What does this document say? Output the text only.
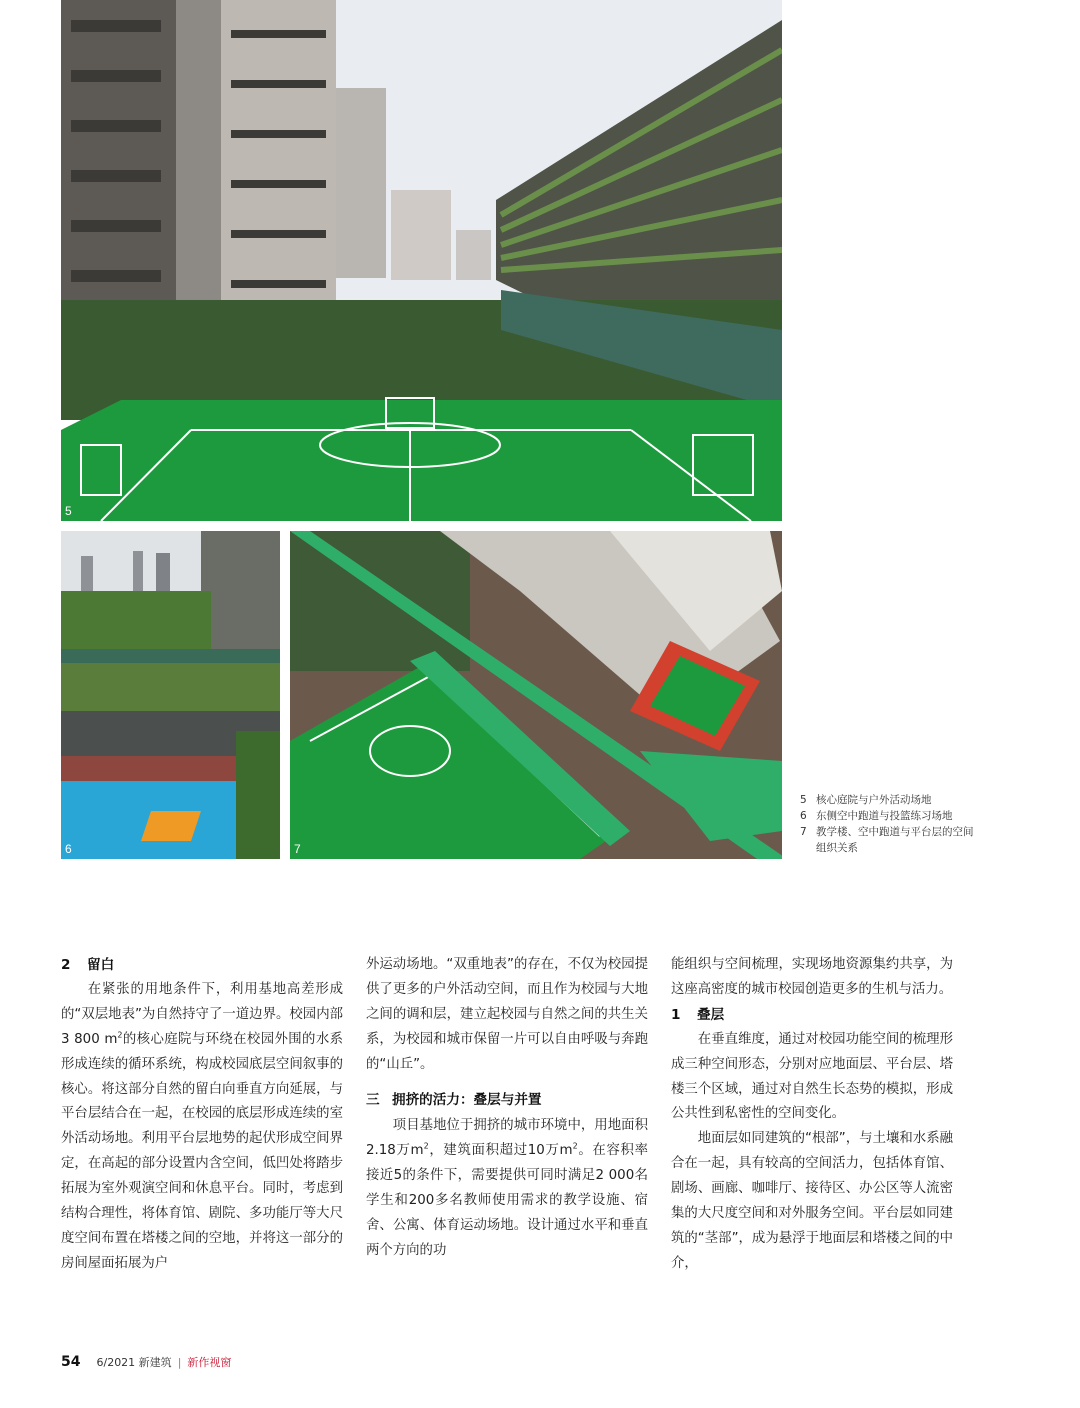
5
6	7
5 核心庭院与户外活动场地
6 东侧空中跑道与投篮练习场地
7 教学楼、空中跑道与平台层的空间组织关系
2 留白

在紧张的用地条件下，利用基地高差形成的“双层地表”为自然持守了一道边界。校园内部3 800 $m^2$的核心庭院与环绕在校园外围的水系形成连续的循环系统，构成校园底层空间叙事的核心。将这部分自然的留白向垂直方向延展，与平台层结合在一起，在校园的底层形成连续的室外活动场地。利用平台层地势的起伏形成空间界定，在高起的部分设置内含空间，低凹处将踏步拓展为室外观演空间和休息平台。同时，考虑到结构合理性，将体育馆、剧院、多功能厅等大尺度空间布置在塔楼之间的空地，并将这一部分的房间屋面拓展为户

外运动场地。“双重地表”的存在，不仅为校园提供了更多的户外活动空间，而且作为校园与大地之间的调和层，建立起校园与自然之间的共生关系，为校园和城市保留一片可以自由呼吸与奔跑的“山丘”。

三 拥挤的活力：叠层与并置

项目基地位于拥挤的城市环境中，用地面积2.18万$m^2$，建筑面积超过10万$m^2$。在容积率接近5的条件下，需要提供可同时满足2 000名学生和200多名教师使用需求的教学设施、宿舍、公寓、体育运动场地。设计通过水平和垂直两个方向的功

能组织与空间梳理，实现场地资源集约共享，为这座高密度的城市校园创造更多的生机与活力。

1 叠层

在垂直维度，通过对校园功能空间的梳理形成三种空间形态，分别对应地面层、平台层、塔楼三个区域，通过对自然生长态势的模拟，形成公共性到私密性的空间变化。

地面层如同建筑的“根部”，与土壤和水系融合在一起，具有较高的空间活力，包括体育馆、剧场、画廊、咖啡厅、接待区、办公区等人流密集的大尺度空间和对外服务空间。平台层如同建筑的“茎部”，成为悬浮于地面层和塔楼之间的中介，

54 6/2021 新建筑 | 新作视窗
